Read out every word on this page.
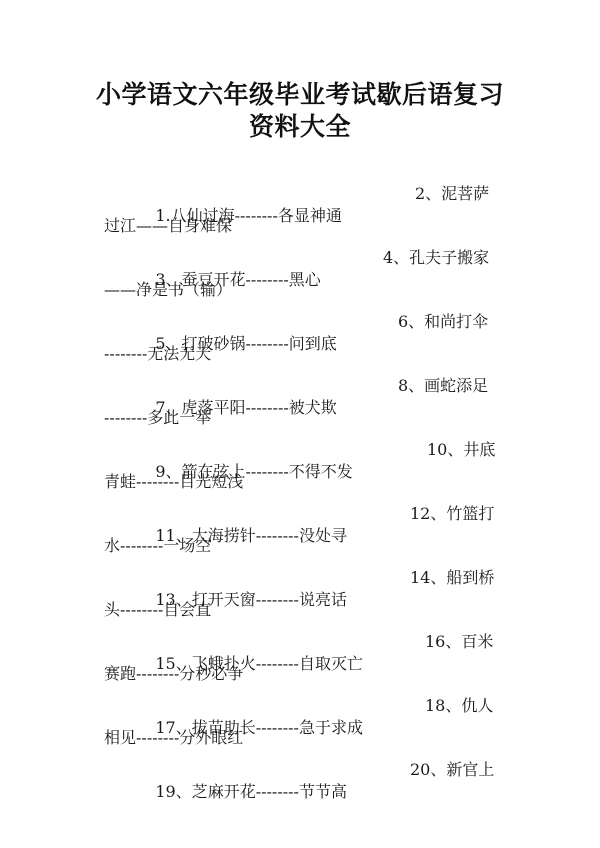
小学语文六年级毕业考试歇后语复习
资料大全

1.八仙过海--------各显神通

2、泥菩萨

过江——自身难保

3、蚕豆开花--------黑心

4、孔夫子搬家

——净是书（输）

5、打破砂锅--------问到底

6、和尚打伞

--------无法无天

7、虎落平阳--------被犬欺

8、画蛇添足

--------多此一举

9、箭在弦上--------不得不发

10、井底

青蛙--------目光短浅

11、大海捞针--------没处寻

12、竹篮打

水--------一场空

13、打开天窗--------说亮话

14、船到桥

头--------自会直

15、飞蛾扑火--------自取灭亡

16、百米

赛跑--------分秒必争

17、拔苗助长--------急于求成

18、仇人

相见--------分外眼红

19、芝麻开花--------节节高

20、新官上
